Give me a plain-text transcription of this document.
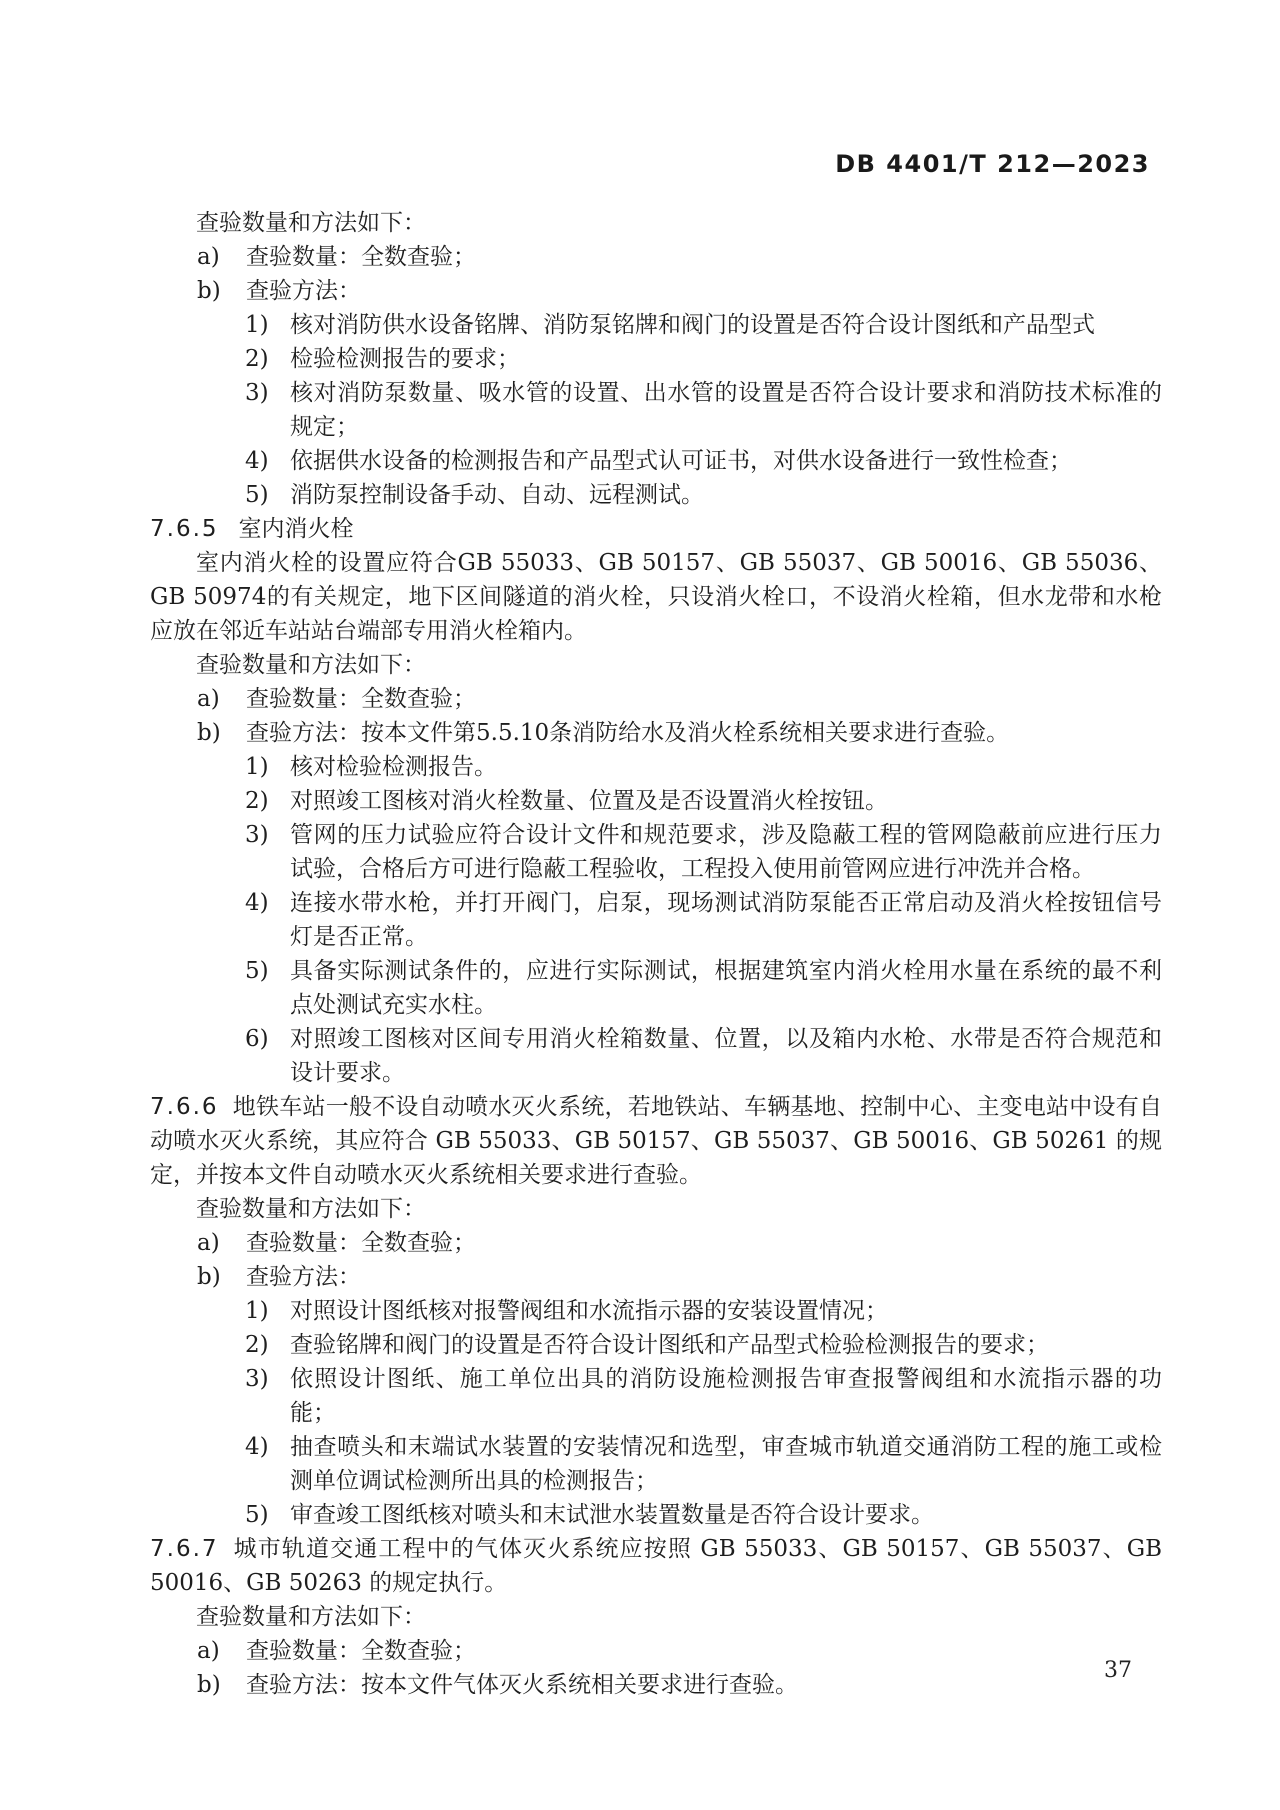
DB 4401/T 212—2023

查验数量和方法如下：

a)	查验数量：全数查验；
b)	查验方法：
1) 核对消防供水设备铭牌、消防泵铭牌和阀门的设置是否符合设计图纸和产品型式
2) 检验检测报告的要求；
3) 核对消防泵数量、吸水管的设置、出水管的设置是否符合设计要求和消防技术标准的规定；
4) 依据供水设备的检测报告和产品型式认可证书，对供水设备进行一致性检查；
5) 消防泵控制设备手动、自动、远程测试。

7.6.5 室内消火栓

室内消火栓的设置应符合GB 55033、GB 50157、GB 55037、GB 50016、GB 55036、GB 50974的有关规定，地下区间隧道的消火栓，只设消火栓口，不设消火栓箱，但水龙带和水枪应放在邻近车站站台端部专用消火栓箱内。

查验数量和方法如下：

a)	查验数量：全数查验；
b)	查验方法：按本文件第5.5.10条消防给水及消火栓系统相关要求进行查验。
1) 核对检验检测报告。
2) 对照竣工图核对消火栓数量、位置及是否设置消火栓按钮。
3) 管网的压力试验应符合设计文件和规范要求，涉及隐蔽工程的管网隐蔽前应进行压力试验，合格后方可进行隐蔽工程验收，工程投入使用前管网应进行冲洗并合格。
4) 连接水带水枪，并打开阀门，启泵，现场测试消防泵能否正常启动及消火栓按钮信号灯是否正常。
5) 具备实际测试条件的，应进行实际测试，根据建筑室内消火栓用水量在系统的最不利点处测试充实水柱。
6) 对照竣工图核对区间专用消火栓箱数量、位置，以及箱内水枪、水带是否符合规范和设计要求。

7.6.6 地铁车站一般不设自动喷水灭火系统，若地铁站、车辆基地、控制中心、主变电站中设有自动喷水灭火系统，其应符合 GB 55033、GB 50157、GB 55037、GB 50016、GB 50261 的规定，并按本文件自动喷水灭火系统相关要求进行查验。

查验数量和方法如下：

a)	查验数量：全数查验；
b)	查验方法：
1) 对照设计图纸核对报警阀组和水流指示器的安装设置情况；
2) 查验铭牌和阀门的设置是否符合设计图纸和产品型式检验检测报告的要求；
3) 依照设计图纸、施工单位出具的消防设施检测报告审查报警阀组和水流指示器的功能；
4) 抽查喷头和末端试水装置的安装情况和选型，审查城市轨道交通消防工程的施工或检测单位调试检测所出具的检测报告；
5) 审查竣工图纸核对喷头和末试泄水装置数量是否符合设计要求。

7.6.7 城市轨道交通工程中的气体灭火系统应按照 GB 55033、GB 50157、GB 55037、GB 50016、GB 50263 的规定执行。

查验数量和方法如下：

a)	查验数量：全数查验；
b)	查验方法：按本文件气体灭火系统相关要求进行查验。
37
